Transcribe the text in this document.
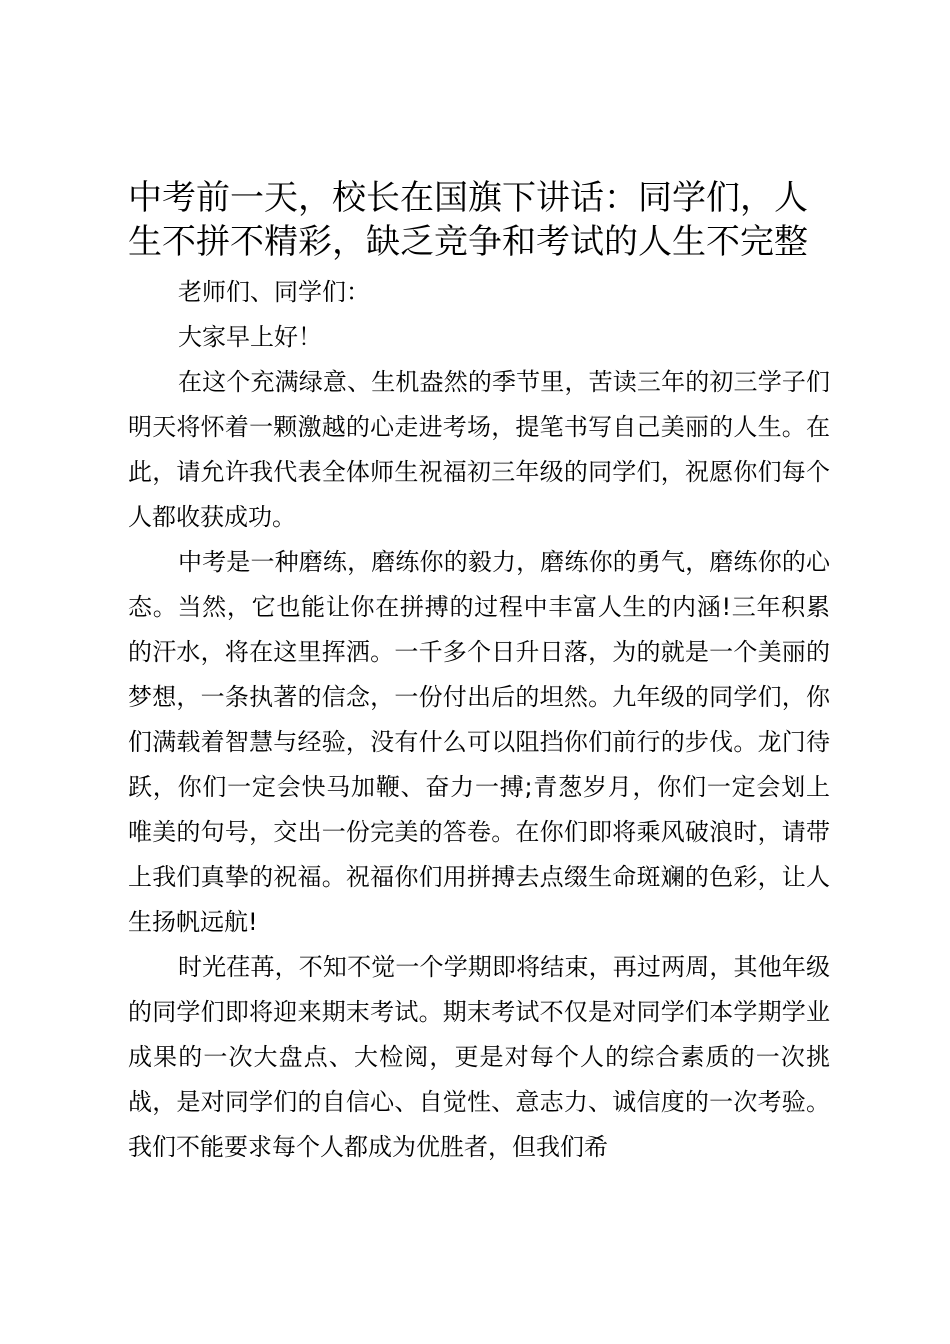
中考前一天，校长在国旗下讲话：同学们，人生不拼不精彩，缺乏竞争和考试的人生不完整

老师们、同学们：

大家早上好！

在这个充满绿意、生机盎然的季节里，苦读三年的初三学子们明天将怀着一颗激越的心走进考场，提笔书写自己美丽的人生。在此，请允许我代表全体师生祝福初三年级的同学们，祝愿你们每个人都收获成功。

中考是一种磨练，磨练你的毅力，磨练你的勇气，磨练你的心态。当然，它也能让你在拼搏的过程中丰富人生的内涵!三年积累的汗水，将在这里挥洒。一千多个日升日落，为的就是一个美丽的梦想，一条执著的信念，一份付出后的坦然。九年级的同学们，你们满载着智慧与经验，没有什么可以阻挡你们前行的步伐。龙门待跃，你们一定会快马加鞭、奋力一搏;青葱岁月，你们一定会划上唯美的句号，交出一份完美的答卷。在你们即将乘风破浪时，请带上我们真挚的祝福。祝福你们用拼搏去点缀生命斑斓的色彩，让人生扬帆远航!

时光荏苒，不知不觉一个学期即将结束，再过两周，其他年级的同学们即将迎来期末考试。期末考试不仅是对同学们本学期学业成果的一次大盘点、大检阅，更是对每个人的综合素质的一次挑战，是对同学们的自信心、自觉性、意志力、诚信度的一次考验。我们不能要求每个人都成为优胜者，但我们希
